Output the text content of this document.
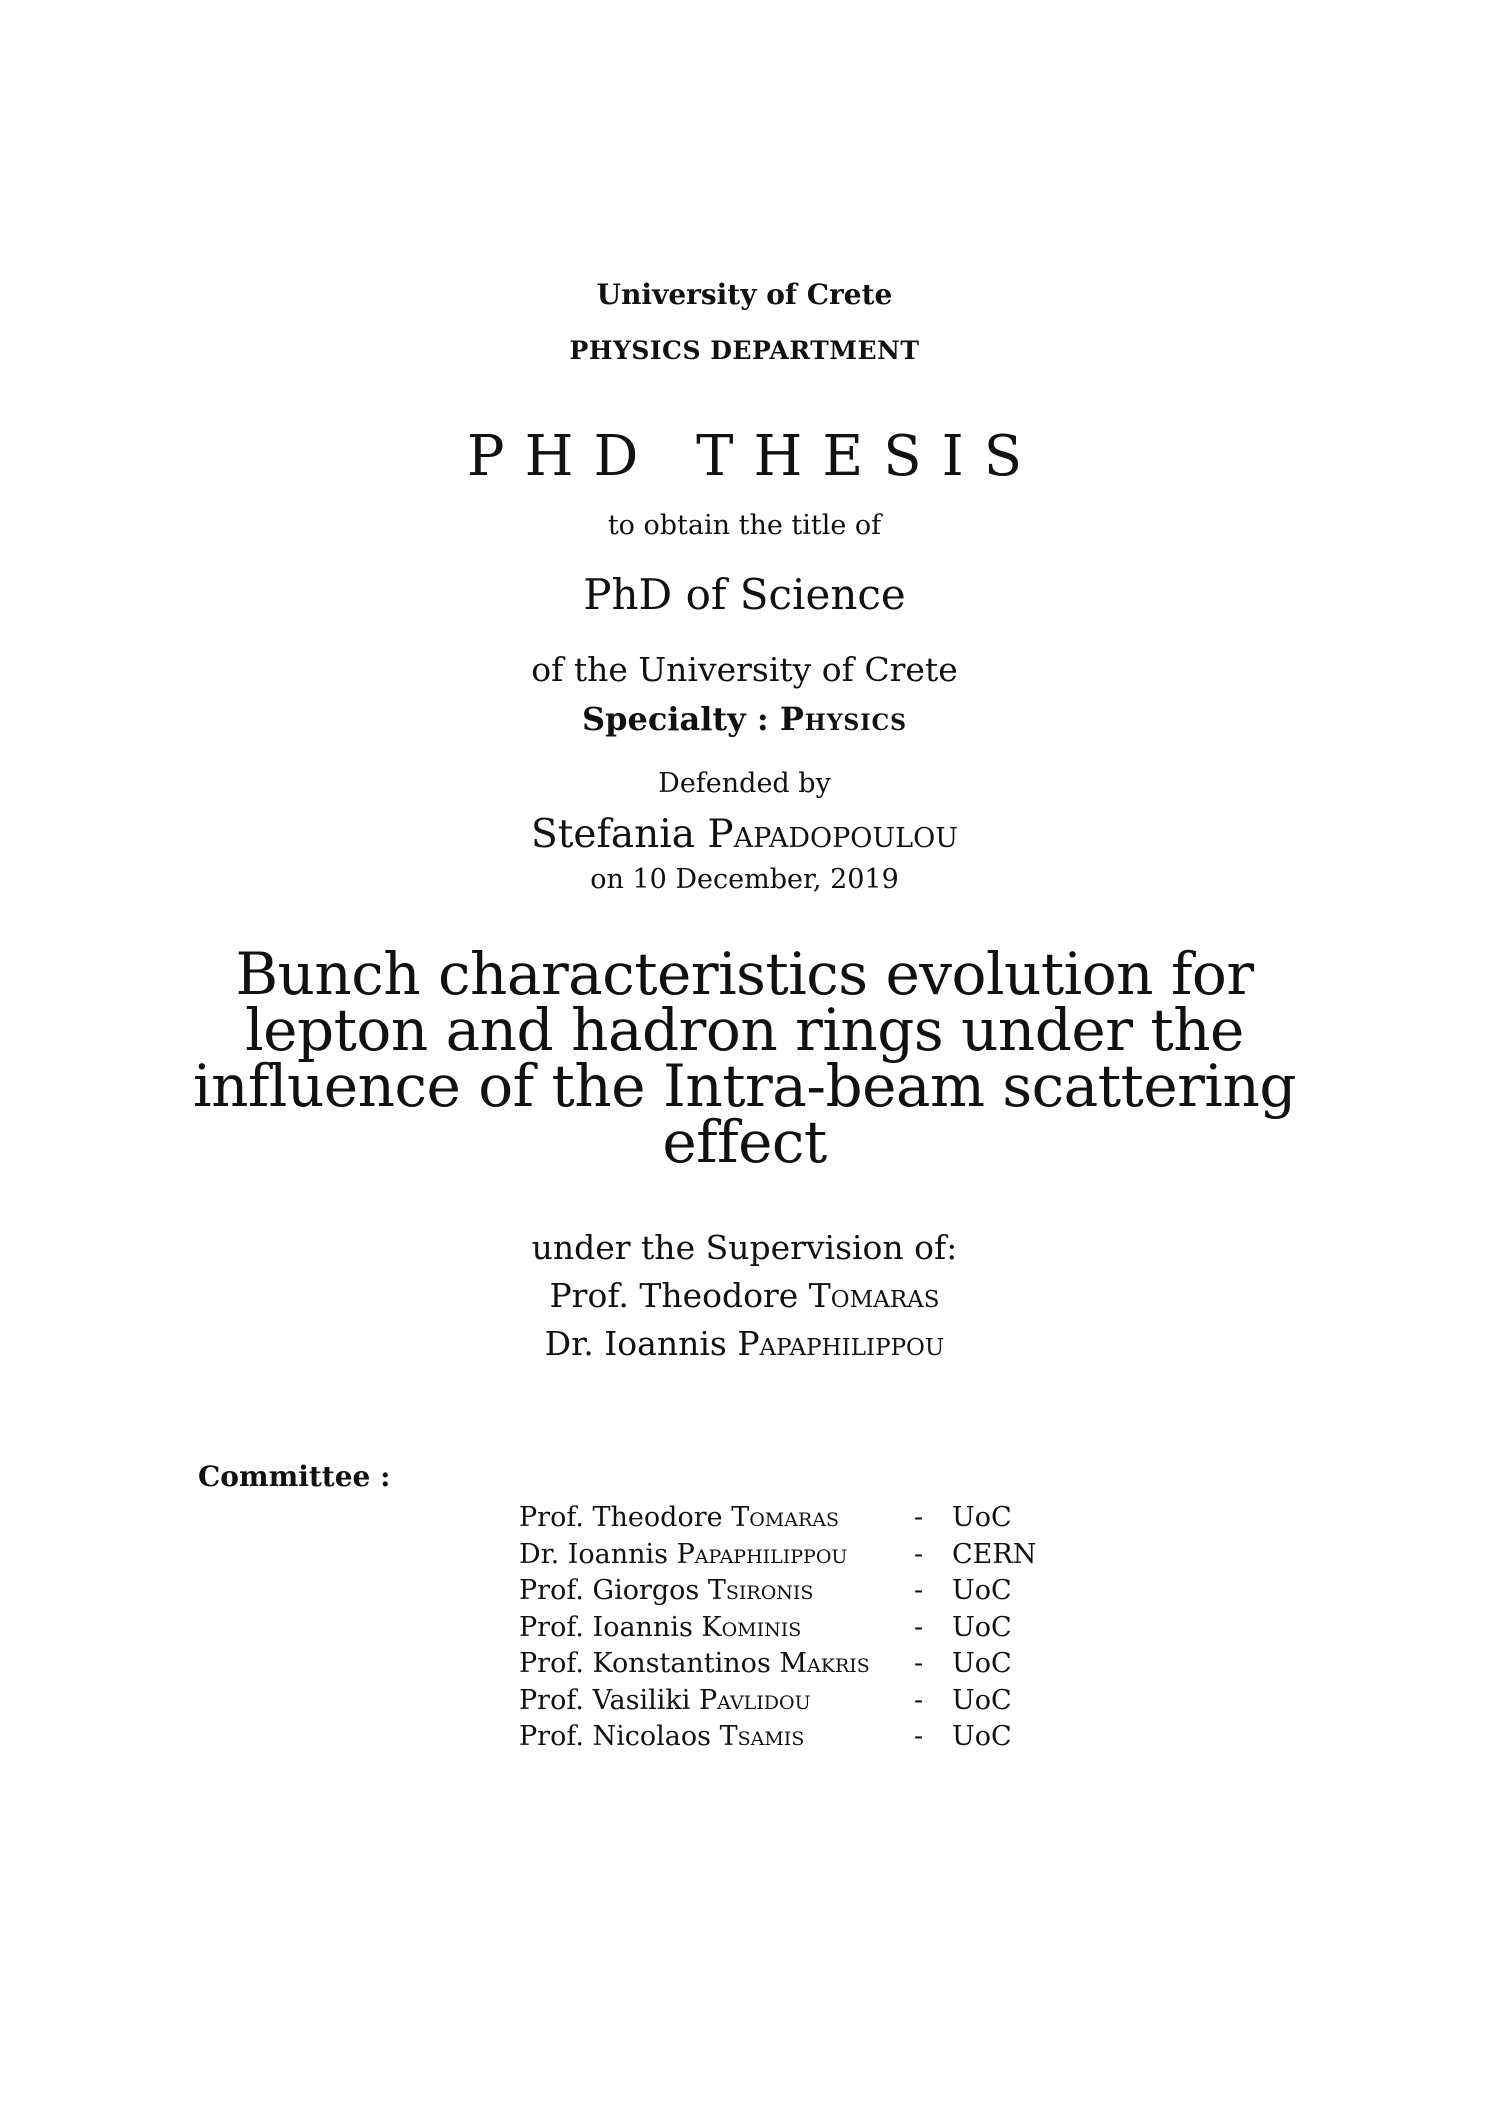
University of Crete
PHYSICS DEPARTMENT
PHD THESIS
to obtain the title of
PhD of Science
of the University of Crete
Specialty : Physics
Defended by
Stefania Papadopoulou
on 10 December, 2019
Bunch characteristics evolution for lepton and hadron rings under the influence of the Intra-beam scattering effect
under the Supervision of:
Prof. Theodore Tomaras
Dr. Ioannis Papaphilippou
Committee :
Prof. Theodore Tomaras	-	UoC
Dr. Ioannis Papaphilippou	-	CERN
Prof. Giorgos Tsironis	-	UoC
Prof. Ioannis Kominis	-	UoC
Prof. Konstantinos Makris	-	UoC
Prof. Vasiliki Pavlidou	-	UoC
Prof. Nicolaos Tsamis	-	UoC
